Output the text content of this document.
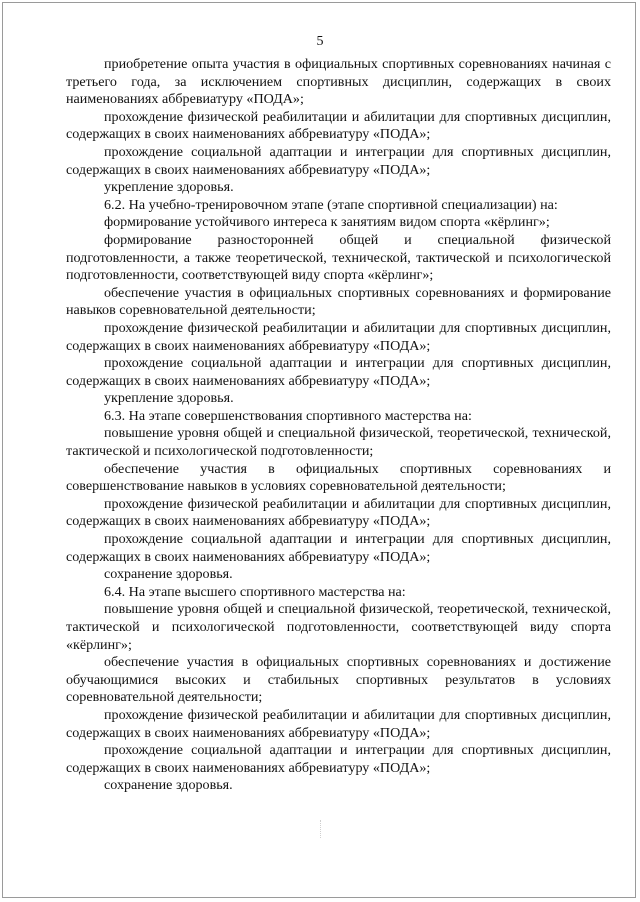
5

приобретение опыта участия в официальных спортивных соревнованиях начиная с третьего года, за исключением спортивных дисциплин, содержащих в своих наименованиях аббревиатуру «ПОДА»;

прохождение физической реабилитации и абилитации для спортивных дисциплин, содержащих в своих наименованиях аббревиатуру «ПОДА»;

прохождение социальной адаптации и интеграции для спортивных дисциплин, содержащих в своих наименованиях аббревиатуру «ПОДА»;

укрепление здоровья.

6.2. На учебно-тренировочном этапе (этапе спортивной специализации) на:

формирование устойчивого интереса к занятиям видом спорта «кёрлинг»;

формирование разносторонней общей и специальной физической подготовленности, а также теоретической, технической, тактической и психологической подготовленности, соответствующей виду спорта «кёрлинг»;

обеспечение участия в официальных спортивных соревнованиях и формирование навыков соревновательной деятельности;

прохождение физической реабилитации и абилитации для спортивных дисциплин, содержащих в своих наименованиях аббревиатуру «ПОДА»;

прохождение социальной адаптации и интеграции для спортивных дисциплин, содержащих в своих наименованиях аббревиатуру «ПОДА»;

укрепление здоровья.

6.3. На этапе совершенствования спортивного мастерства на:

повышение уровня общей и специальной физической, теоретической, технической, тактической и психологической подготовленности;

обеспечение участия в официальных спортивных соревнованиях и совершенствование навыков в условиях соревновательной деятельности;

прохождение физической реабилитации и абилитации для спортивных дисциплин, содержащих в своих наименованиях аббревиатуру «ПОДА»;

прохождение социальной адаптации и интеграции для спортивных дисциплин, содержащих в своих наименованиях аббревиатуру «ПОДА»;

сохранение здоровья.

6.4. На этапе высшего спортивного мастерства на:

повышение уровня общей и специальной физической, теоретической, технической, тактической и психологической подготовленности, соответствующей виду спорта «кёрлинг»;

обеспечение участия в официальных спортивных соревнованиях и достижение обучающимися высоких и стабильных спортивных результатов в условиях соревновательной деятельности;

прохождение физической реабилитации и абилитации для спортивных дисциплин, содержащих в своих наименованиях аббревиатуру «ПОДА»;

прохождение социальной адаптации и интеграции для спортивных дисциплин, содержащих в своих наименованиях аббревиатуру «ПОДА»;

сохранение здоровья.
